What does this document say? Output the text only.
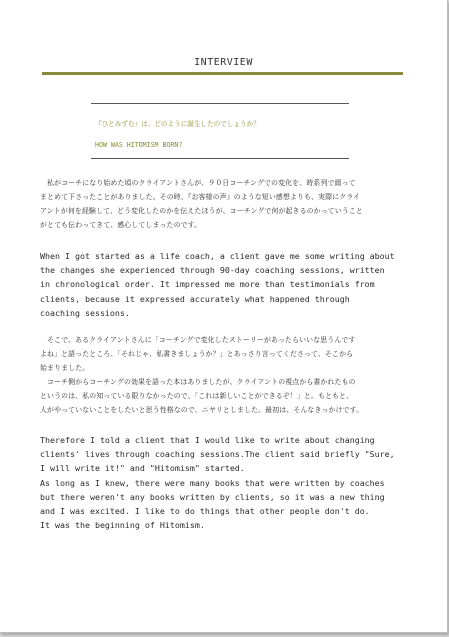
INTERVIEW
『ひとみずむ』は、どのように誕生したのでしょうか？
HOW WAS HITOMISM BORN?
　私がコーチになり始めた頃のクライアントさんが、９０日コーチングでの変化を、時系列で綴って
まとめて下さったことがありました。その時、『お客様の声』のような短い感想よりも、実際にクライ
アントが何を経験して、どう変化したのかを伝えたほうが、コーチングで何が起きるのかっていうこと
がとても伝わってきて、感心してしまったのです。
When I got started as a life coach, a client gave me some writing about
the changes she experienced through 90-day coaching sessions, written
in chronological order. It impressed me more than testimonials from
clients, because it expressed accurately what happened through
coaching sessions.
　そこで、あるクライアントさんに「コーチングで変化したストーリーがあったらいいな思うんです
よね」と語ったところ、「それじゃ、私書きましょうか？」とあっさり言ってくださって、そこから
始まりました。
　コーチ側からコーチングの効果を語った本はありましたが、クライアントの視点から書かれたもの
というのは、私の知っている限りなかったので、「これは新しいことができるぞ！」と。もともと、
人がやっていないことをしたいと思う性格なので、ニヤリとしました。最初は、そんなきっかけです。
Therefore I told a client that I would like to write about changing
clients' lives through coaching sessions.The client said briefly "Sure,
I will write it!" and "Hitomism" started.
As long as I knew, there were many books that were written by coaches
but there weren't any books written by clients, so it was a new thing
and I was excited. I like to do things that other people don't do.
It was the beginning of Hitomism.
